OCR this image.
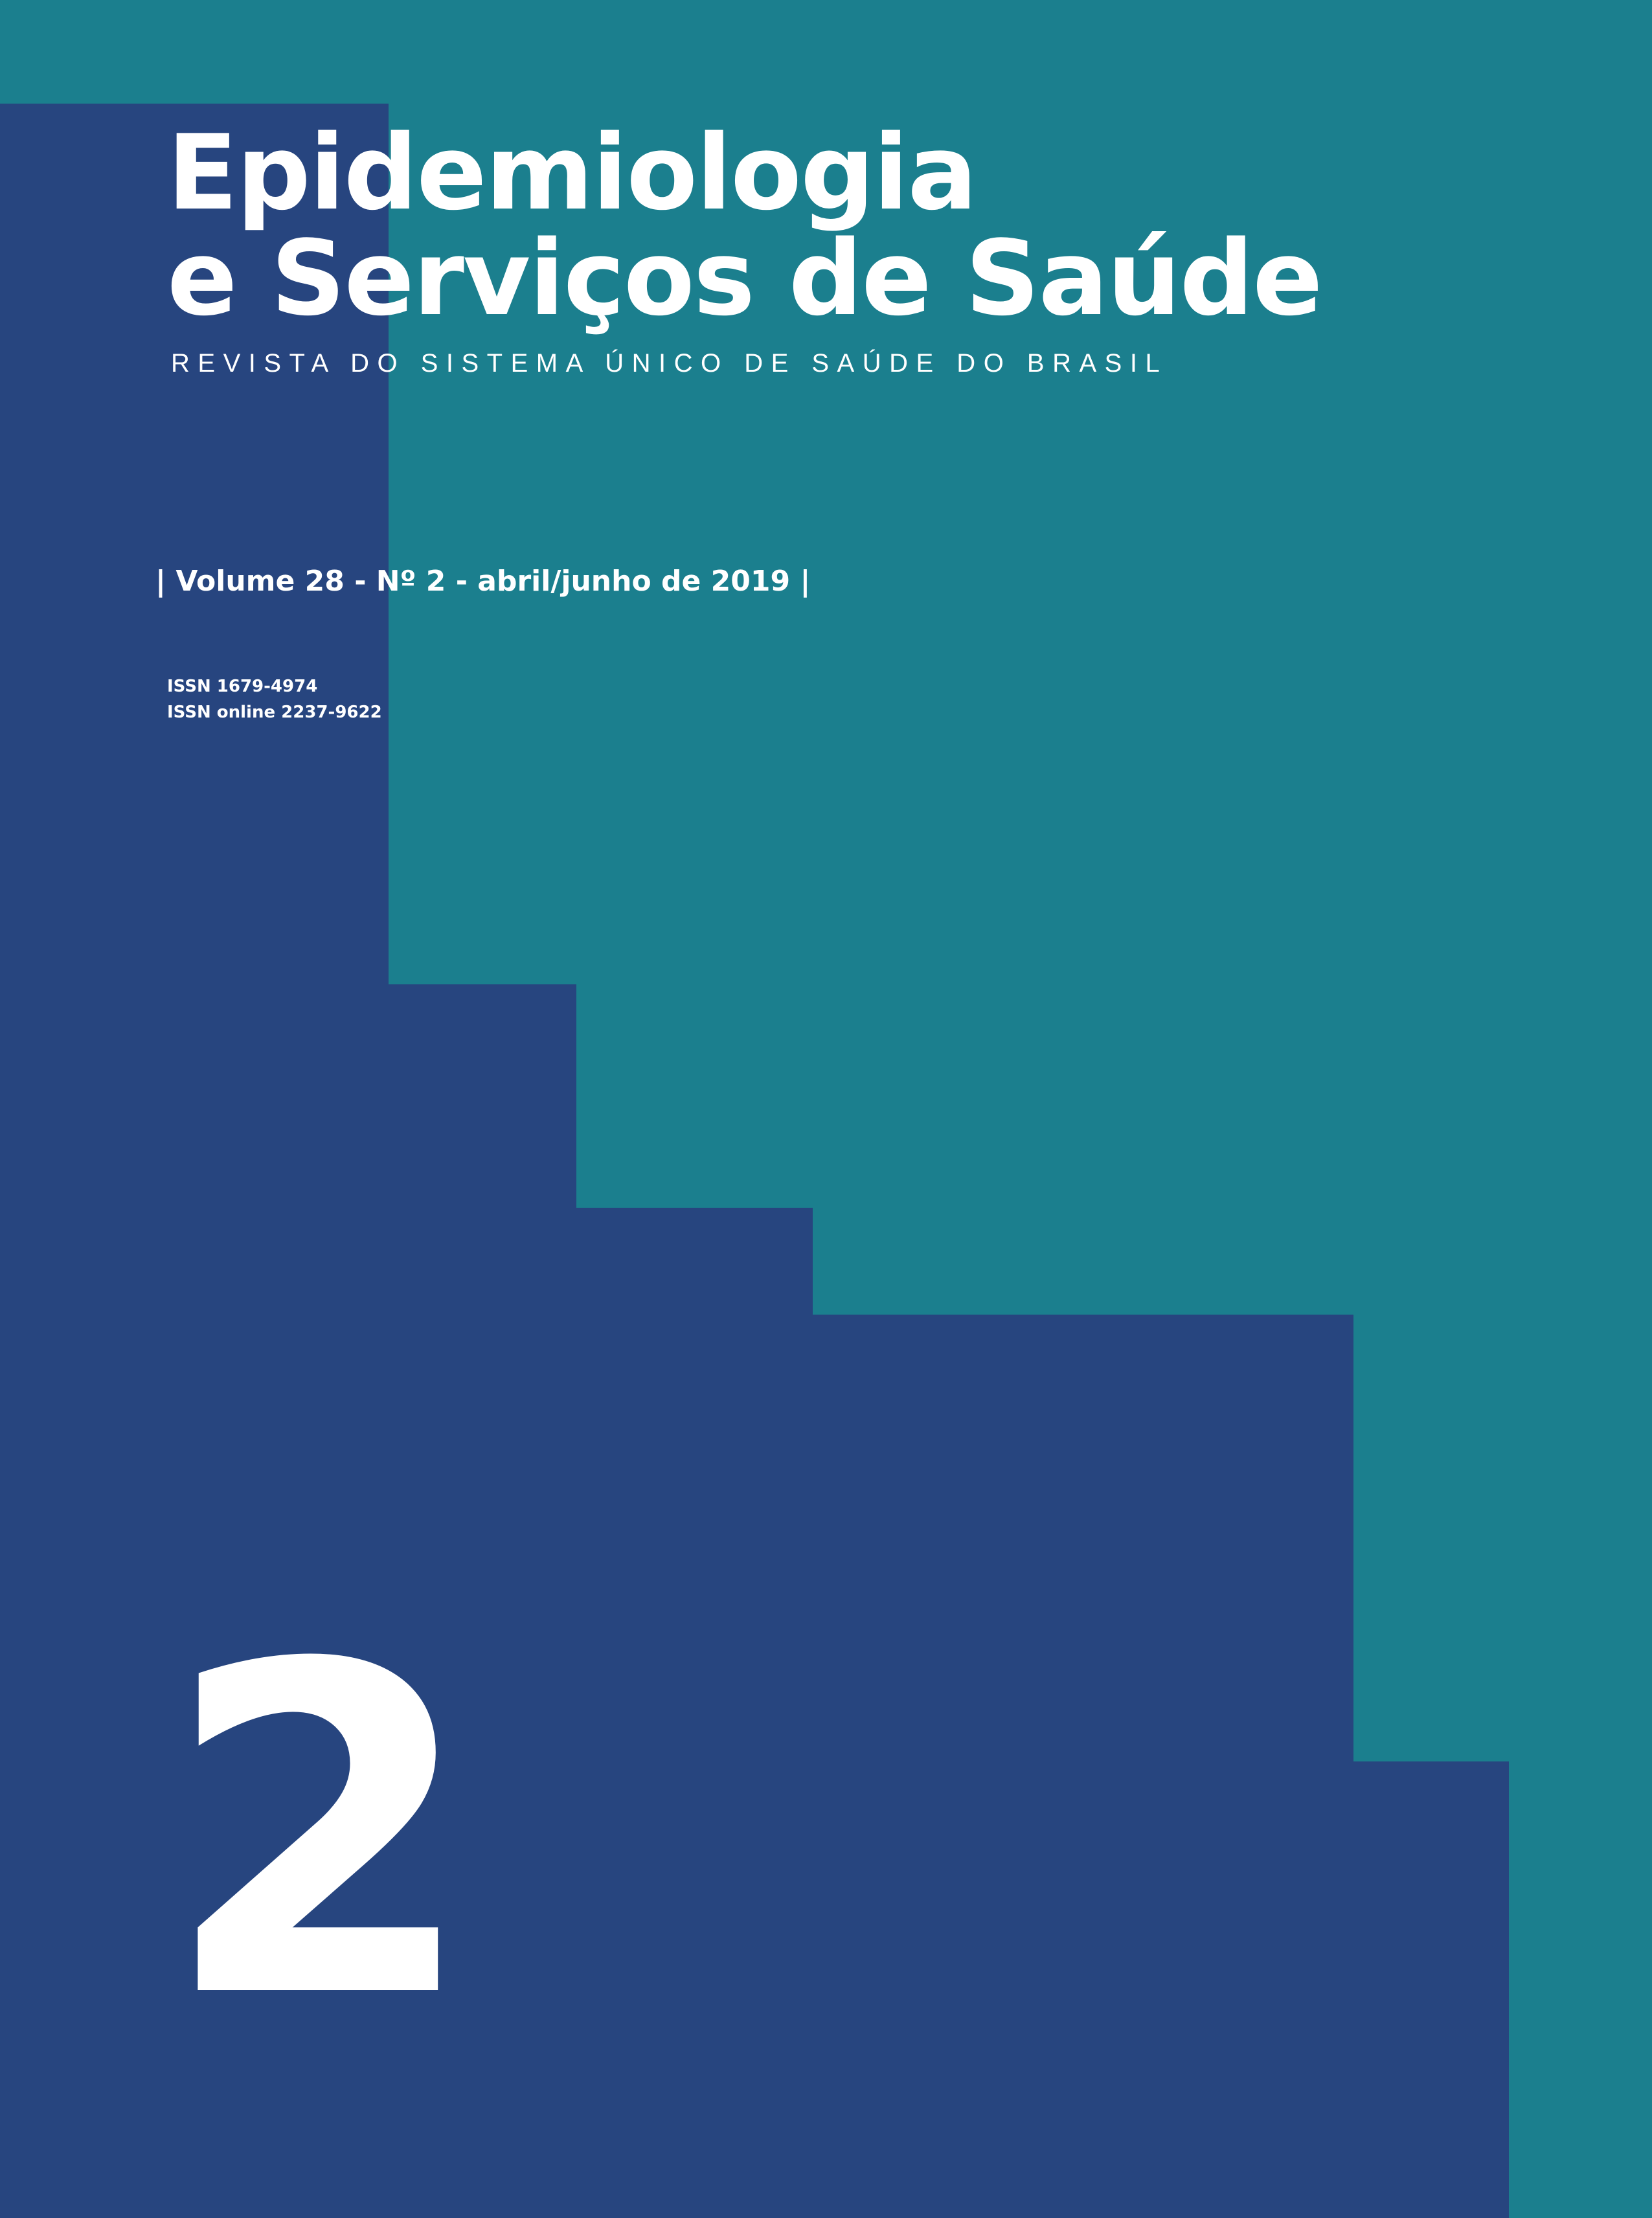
Epidemiologia
e Serviços de Saúde
REVISTA DO SISTEMA ÚNICO DE SAÚDE DO BRASIL
| Volume 28 - Nº 2 - abril/junho de 2019 |
ISSN 1679-4974
ISSN online 2237-9622
2
